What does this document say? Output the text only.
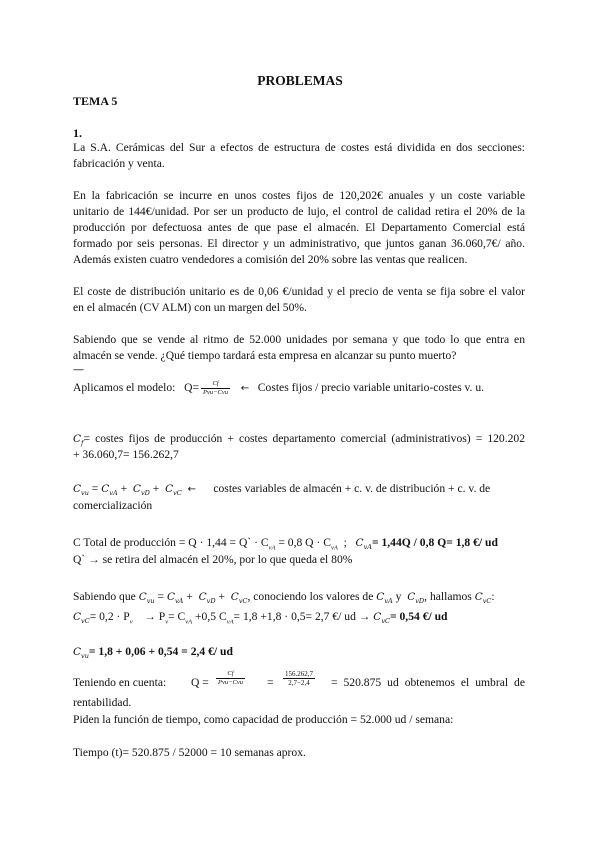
PROBLEMAS
TEMA 5
1.
La S.A. Cerámicas del Sur a efectos de estructura de costes está dividida en dos secciones:
fabricación y venta.
En la fabricación se incurre en unos costes fijos de 120,202€ anuales y un coste variable
unitario de 144€/unidad. Por ser un producto de lujo, el control de calidad retira el 20% de la
producción por defectuosa antes de que pase el almacén. El Departamento Comercial está
formado por seis personas. El director y un administrativo, que juntos ganan 36.060,7€/ año.
Además existen cuatro vendedores a comisión del 20% sobre las ventas que realicen.
El coste de distribución unitario es de 0,06 €/unidad y el precio de venta se fija sobre el valor
en el almacén (CV ALM) con un margen del 50%.
Sabiendo que se vende al ritmo de 52.000 unidades por semana y que todo lo que entra en
almacén se vende. ¿Qué tiempo tardará esta empresa en alcanzar su punto muerto?
-----
Aplicamos el modelo: $Q= \frac{Cf}{\text{Pvu−Cvu}}$ ← Costes fijos / precio variable unitario-costes v. u.
$C_f=$ costes fijos de producción + costes departamento comercial (administrativos) = 120.202
+ 36.060,7= 156.262,7
$C_{vu} = C_{vA} + C_{vD} + C_{vC}$ ← costes variables de almacén + c. v. de distribución + c. v. de
comercialización
C Total de producción = Q · 1,44 = Q` · $C_{vA} = 0,8$ $Q \cdot C_{vA}$ ; $C_{vA}= 1,44Q / 0,8$ Q= 1,8 €/ ud
Q` → se retira del almacén el 20%, por lo que queda el 80%
Sabiendo que $C_{vu} = C_{vA} + C_{vD} + C_{vC}$, conociendo los valores de $C_{vA}$ y $C_{vD}$, hallamos $C_{vC}$:
$C_{vC}= 0,2 \cdot P_v \to P_v= C_{vA} +0,5$ $C_{vA}= 1,8 +1,8 \cdot 0,5= 2,7$ €/ ud → $C_{vC}= 0,54$ €/ ud
$C_{vu}= 1,8 + 0,06 + 0,54 = 2,4$ €/ ud
Teniendo en cuenta: Q =
Cf
$Pvu-Cvu = \frac{156.262,7}{2,7-2,4} = 520.875$ ud obtenemos el umbral de
rentabilidad.
Piden la función de tiempo, como capacidad de producción = 52.000 ud / semana:
Tiempo (t)= 520.875 / 52000 = 10 semanas aprox.
